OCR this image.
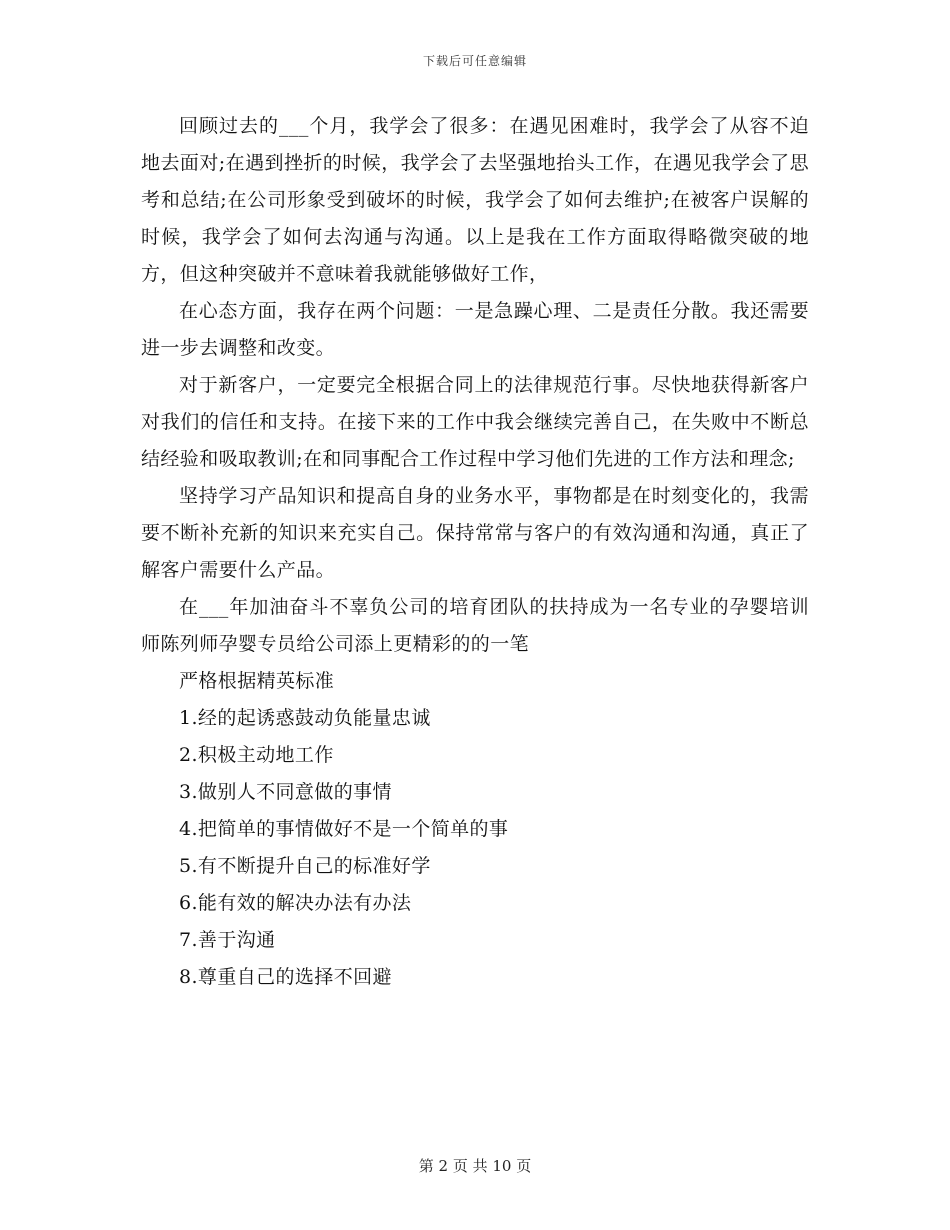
下载后可任意编辑

回顾过去的___个月，我学会了很多：在遇见困难时，我学会了从容不迫地去面对;在遇到挫折的时候，我学会了去坚强地抬头工作，在遇见我学会了思考和总结;在公司形象受到破坏的时候，我学会了如何去维护;在被客户误解的时候，我学会了如何去沟通与沟通。以上是我在工作方面取得略微突破的地方，但这种突破并不意味着我就能够做好工作，

在心态方面，我存在两个问题：一是急躁心理、二是责任分散。我还需要进一步去调整和改变。

对于新客户，一定要完全根据合同上的法律规范行事。尽快地获得新客户对我们的信任和支持。在接下来的工作中我会继续完善自己，在失败中不断总结经验和吸取教训;在和同事配合工作过程中学习他们先进的工作方法和理念;

坚持学习产品知识和提高自身的业务水平，事物都是在时刻变化的，我需要不断补充新的知识来充实自己。保持常常与客户的有效沟通和沟通，真正了解客户需要什么产品。

在___年加油奋斗不辜负公司的培育团队的扶持成为一名专业的孕婴培训师陈列师孕婴专员给公司添上更精彩的的一笔

严格根据精英标准

1.经的起诱惑鼓动负能量忠诚

2.积极主动地工作

3.做别人不同意做的事情

4.把简单的事情做好不是一个简单的事

5.有不断提升自己的标准好学

6.能有效的解决办法有办法

7.善于沟通

8.尊重自己的选择不回避

第 2 页 共 10 页
